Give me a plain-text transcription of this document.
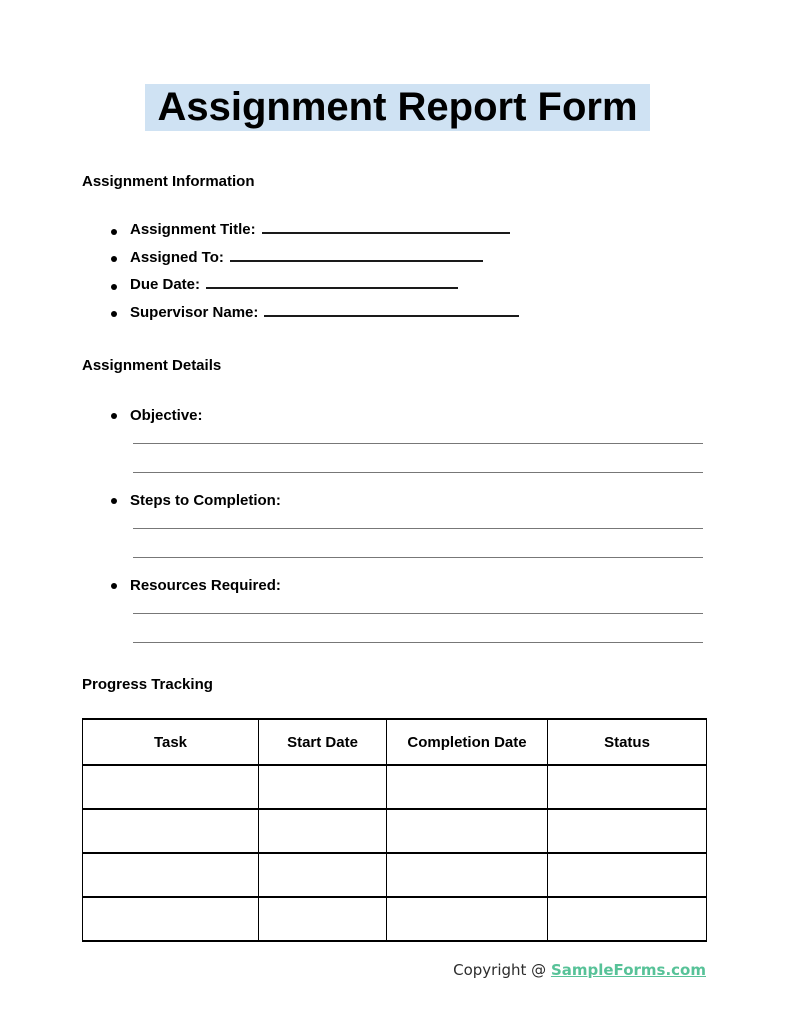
Assignment Report Form
Assignment Information
Assignment Title:
Assigned To:
Due Date:
Supervisor Name:
Assignment Details
Objective:
Steps to Completion:
Resources Required:
Progress Tracking
Task	Start Date	Completion Date	Status

Copyright @ SampleForms.com
